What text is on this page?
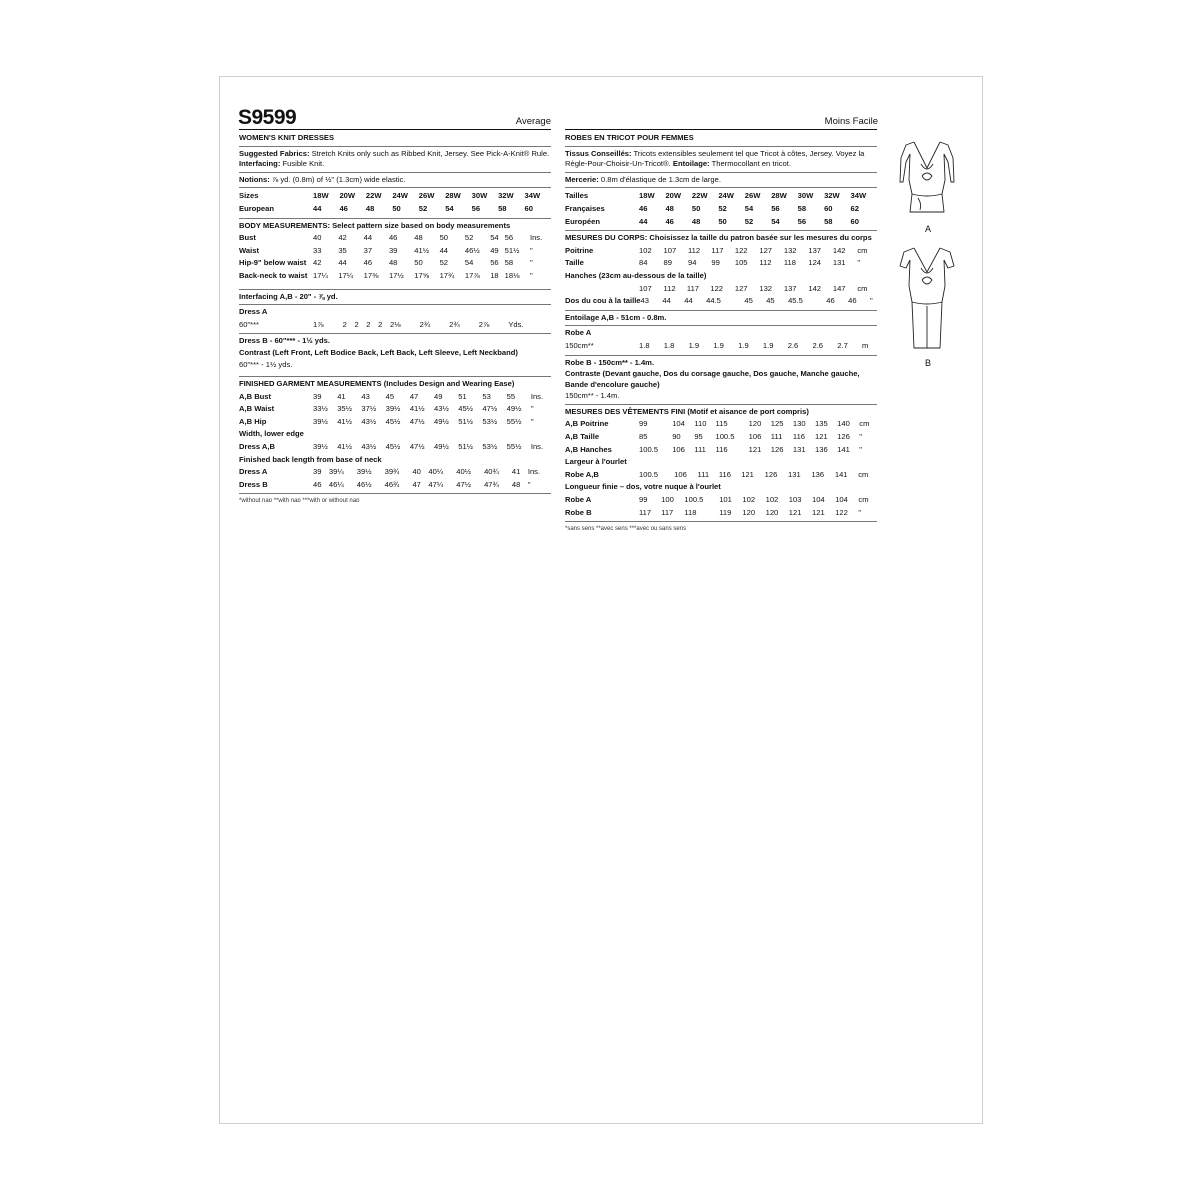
S9599	Average	Moins Facile
WOMEN'S KNIT DRESSES
Suggested Fabrics: Stretch Knits only such as Ribbed Knit, Jersey. See Pick-A-Knit® Rule. Interfacing: Fusible Knit.
Notions: ⅞ yd. (0.8m) of ½" (1.3cm) wide elastic.
Sizes	18W	20W	22W	24W	26W	28W	30W	32W	34W	
European	44	46	48	50	52	54	56	58	60	
BODY MEASUREMENTS: Select pattern size based on body measurements
Bust	40	42	44	46	48	50	52	54	56	Ins.
Waist	33	35	37	39	41½	44	46½	49	51½	"
Hip-9" below waist	42	44	46	48	50	52	54	56	58	"
Back-neck to waist	17¼	17¼	17⅜	17½	17⅝	17¾	17⅞	18	18⅛	"
Interfacing A,B - 20" - ⅞ yd.
Dress A
60"***	1⅞	2	2	2	2	2⅛	2¾	2¾	2⅞	Yds.
Dress B - 60"*** - 1½ yds.
Contrast (Left Front, Left Bodice Back, Left Back, Left Sleeve, Left Neckband)
60"*** - 1½ yds.
FINISHED GARMENT MEASUREMENTS (Includes Design and Wearing Ease)
A,B Bust	39	41	43	45	47	49	51	53	55	Ins.
A,B Waist	33½	35½	37½	39½	41½	43½	45½	47½	49½	"
A,B Hip	39½	41½	43½	45½	47½	49½	51½	53½	55½	"
Width, lower edge
Dress A,B	39½	41½	43½	45½	47½	49½	51½	53½	55½	Ins.
Finished back length from base of neck
Dress A	39	39¼	39½	39¾	40	40¼	40½	40¾	41	Ins.
Dress B	46	46¼	46½	46¾	47	47¼	47½	47¾	48	"
*without nap **with nap ***with or without nap
ROBES EN TRICOT POUR FEMMES
Tissus Conseillés: Tricots extensibles seulement tel que Tricot à côtes, Jersey. Voyez la Règle-Pour-Choisir-Un-Tricot®. Entoilage: Thermocollant en tricot.
Mercerie: 0.8m d'élastique de 1.3cm de large.
Tailles	18W	20W	22W	24W	26W	28W	30W	32W	34W	
Françaises	46	48	50	52	54	56	58	60	62	
Européen	44	46	48	50	52	54	56	58	60	
MESURES DU CORPS: Choisissez la taille du patron basée sur les mesures du corps
Poitrine	102	107	112	117	122	127	132	137	142	cm
Taille	84	89	94	99	105	112	118	124	131	"
Hanches (23cm au-dessous de la taille)
	107	112	117	122	127	132	137	142	147	cm
Dos du cou à la taille	43	44	44	44.5	45	45	45.5	46	46	"
Entoilage A,B - 51cm - 0.8m.
Robe A
150cm**	1.8	1.8	1.9	1.9	1.9	1.9	2.6	2.6	2.7	m
Robe B - 150cm** - 1.4m.
Contraste (Devant gauche, Dos du corsage gauche, Dos gauche, Manche gauche, Bande d'encolure gauche)
150cm** - 1.4m.
MESURES DES VÊTEMENTS FINI (Motif et aisance de port compris)
A,B Poitrine	99	104	110	115	120	125	130	135	140	cm
A,B Taille	85	90	95	100.5	106	111	116	121	126	"
A,B Hanches	100.5	106	111	116	121	126	131	136	141	"
Largeur à l'ourlet
Robe A,B	100.5	106	111	116	121	126	131	136	141	cm
Longueur finie – dos, votre nuque à l'ourlet
Robe A	99	100	100.5	101	102	102	103	104	104	cm
Robe B	117	117	118	119	120	120	121	121	122	"
*sans sens **avec sens ***avec ou sans sens
A
B
